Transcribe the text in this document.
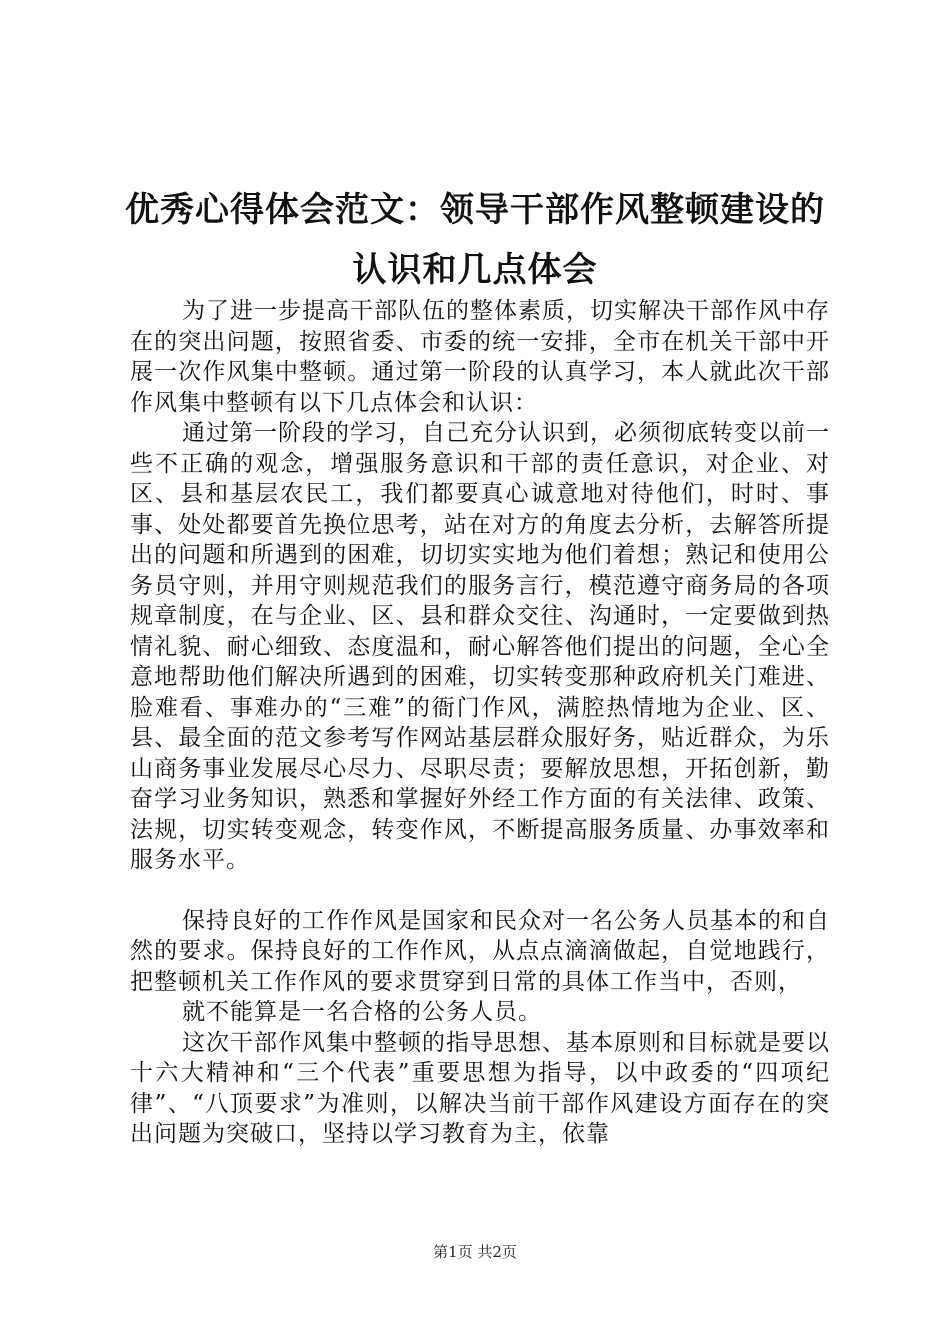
优秀心得体会范文：领导干部作风整顿建设的
认识和几点体会
为了进一步提高干部队伍的整体素质，切实解决干部作风中存在的突出问题，按照省委、市委的统一安排，全市在机关干部中开展一次作风集中整顿。通过第一阶段的认真学习，本人就此次干部作风集中整顿有以下几点体会和认识：
通过第一阶段的学习，自己充分认识到，必须彻底转变以前一些不正确的观念，增强服务意识和干部的责任意识，对企业、对区、县和基层农民工，我们都要真心诚意地对待他们，时时、事事、处处都要首先换位思考，站在对方的角度去分析，去解答所提出的问题和所遇到的困难，切切实实地为他们着想；熟记和使用公务员守则，并用守则规范我们的服务言行，模范遵守商务局的各项规章制度，在与企业、区、县和群众交往、沟通时，一定要做到热情礼貌、耐心细致、态度温和，耐心解答他们提出的问题，全心全意地帮助他们解决所遇到的困难，切实转变那种政府机关门难进、脸难看、事难办的“三难”的衙门作风，满腔热情地为企业、区、县、最全面的范文参考写作网站基层群众服好务，贴近群众，为乐山商务事业发展尽心尽力、尽职尽责；要解放思想，开拓创新，勤奋学习业务知识，熟悉和掌握好外经工作方面的有关法律、政策、法规，切实转变观念，转变作风，不断提高服务质量、办事效率和服务水平。
保持良好的工作作风是国家和民众对一名公务人员基本的和自然的要求。保持良好的工作作风，从点点滴滴做起，自觉地践行，把整顿机关工作作风的要求贯穿到日常的具体工作当中，否则，
就不能算是一名合格的公务人员。
这次干部作风集中整顿的指导思想、基本原则和目标就是要以十六大精神和“三个代表”重要思想为指导，以中政委的“四项纪律”、“八顶要求”为准则，以解决当前干部作风建设方面存在的突出问题为突破口，坚持以学习教育为主，依靠
第1页 共2页
